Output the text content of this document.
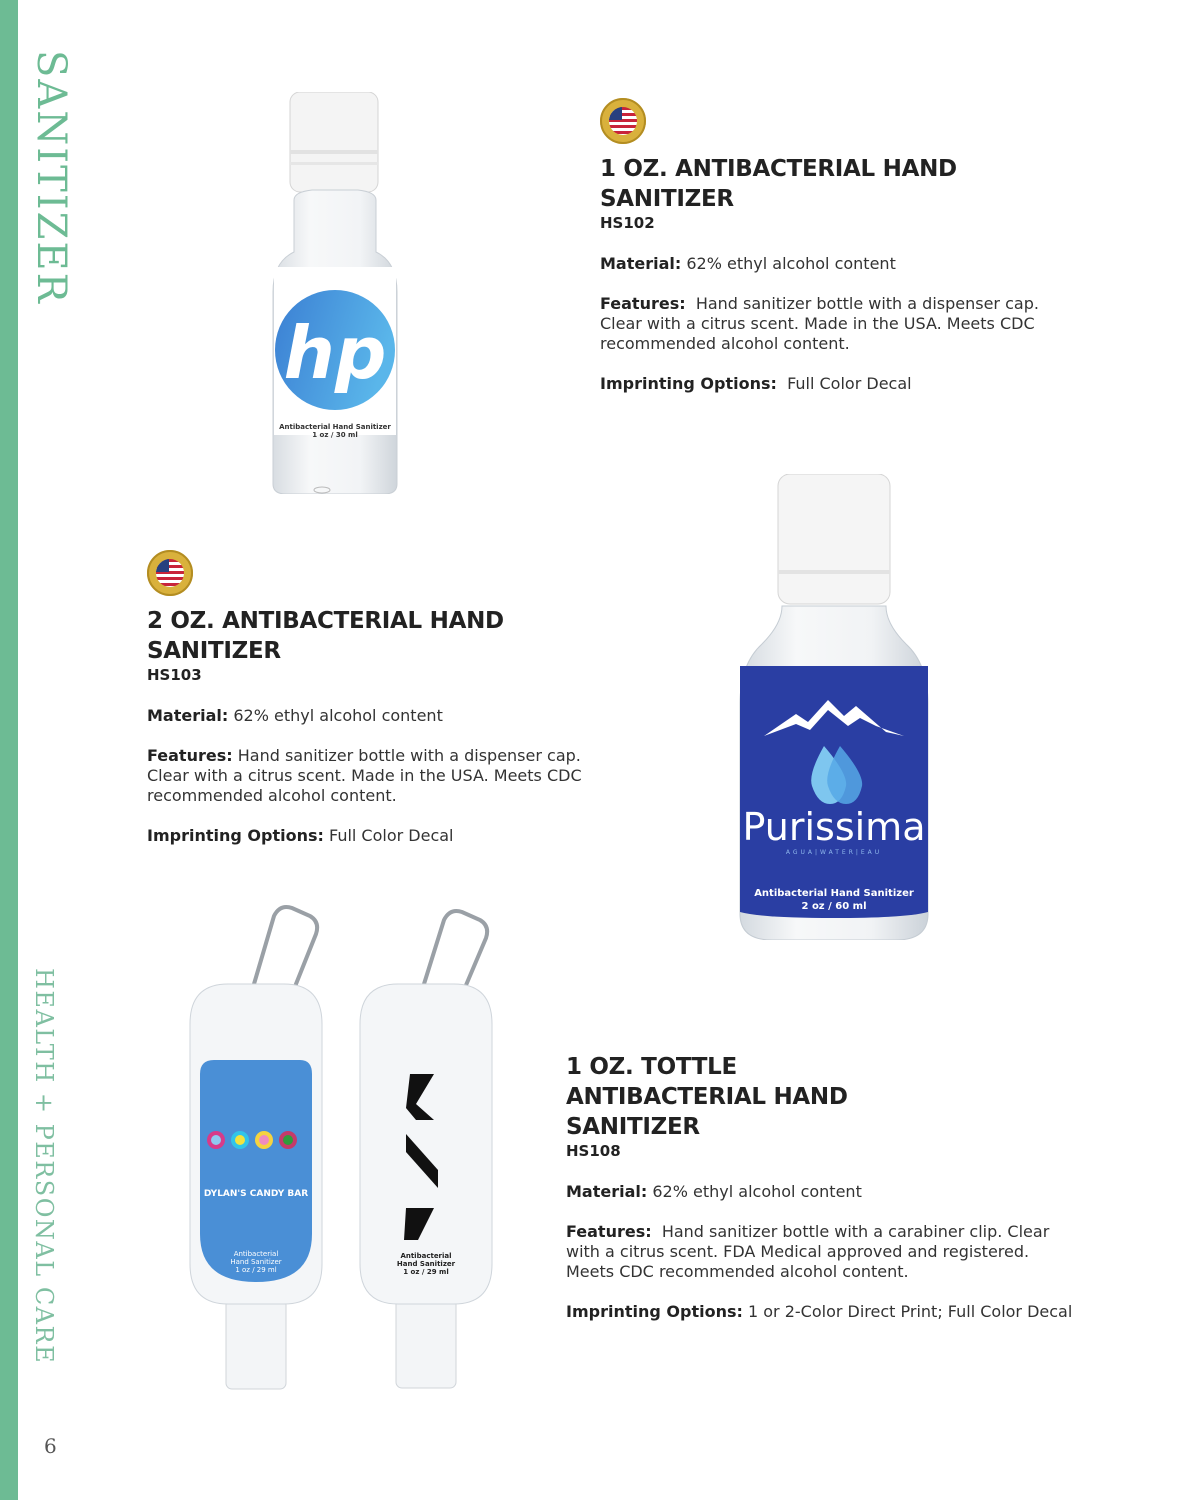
SANITIZER
HEALTH + PERSONAL CARE
6
hp
Antibacterial Hand Sanitizer
1 oz / 30 ml
1 OZ. ANTIBACTERIAL HAND SANITIZER
HS102
Material: 62% ethyl alcohol content
Features: Hand sanitizer bottle with a dispenser cap. Clear with a citrus scent. Made in the USA. Meets CDC recommended alcohol content.
Imprinting Options: Full Color Decal
2 OZ. ANTIBACTERIAL HAND SANITIZER
HS103
Material: 62% ethyl alcohol content
Features: Hand sanitizer bottle with a dispenser cap. Clear with a citrus scent. Made in the USA. Meets CDC recommended alcohol content.
Imprinting Options: Full Color Decal	Purissima
AGUA|WATER|EAU
Antibacterial Hand Sanitizer
2 oz / 60 ml
DYLAN'S CANDY BAR
Antibacterial
Hand Sanitizer
1 oz / 29 ml
Antibacterial
Hand Sanitizer
1 oz / 29 ml
1 OZ. TOTTLE ANTIBACTERIAL HAND SANITIZER
HS108
Material: 62% ethyl alcohol content
Features: Hand sanitizer bottle with a carabiner clip. Clear with a citrus scent. FDA Medical approved and registered. Meets CDC recommended alcohol content.
Imprinting Options: 1 or 2-Color Direct Print; Full Color Decal
